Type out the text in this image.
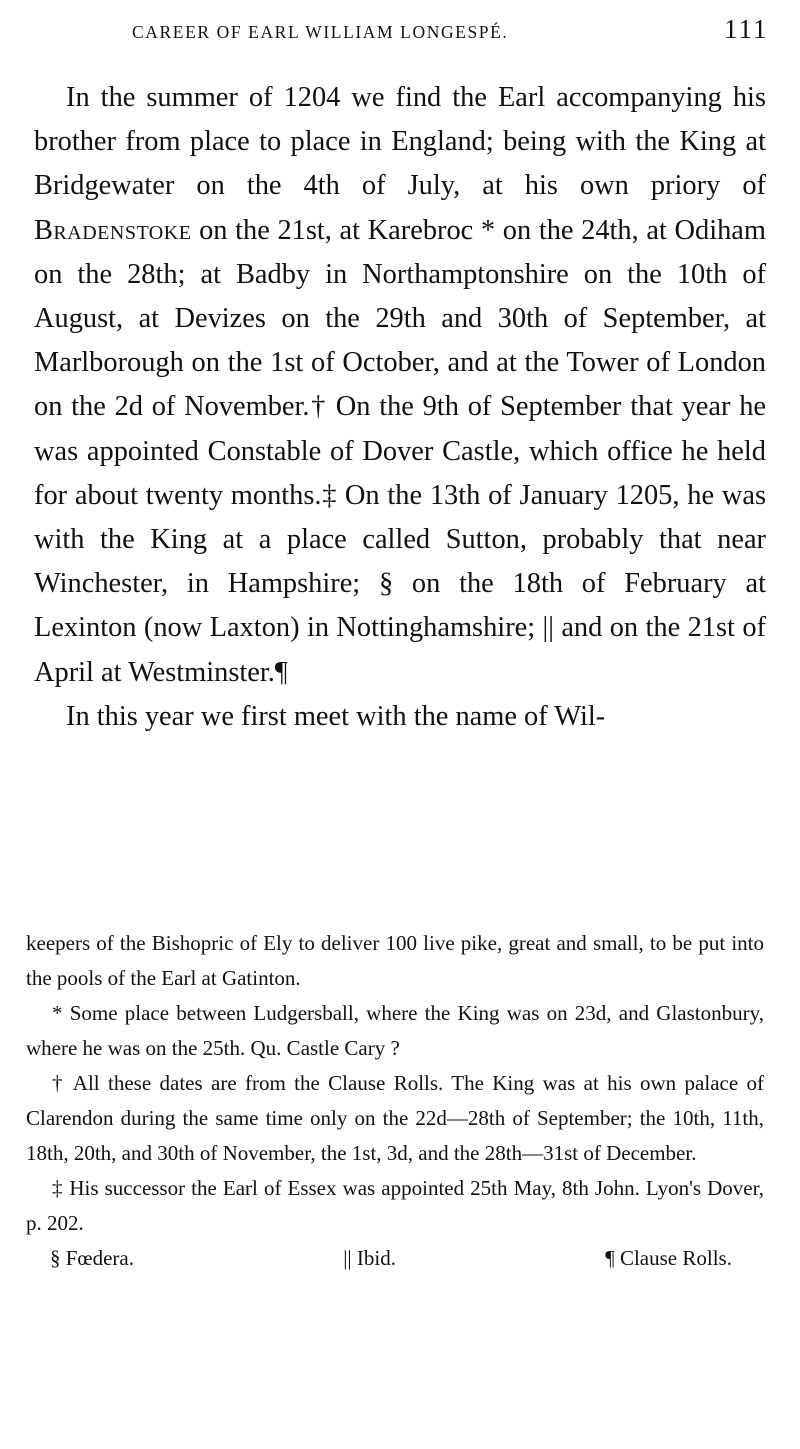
CAREER OF EARL WILLIAM LONGESPÉ.	111

In the summer of 1204 we find the Earl accompanying his brother from place to place in England; being with the King at Bridgewater on the 4th of July, at his own priory of Bradenstoke on the 21st, at Karebroc * on the 24th, at Odiham on the 28th; at Badby in Northamptonshire on the 10th of August, at Devizes on the 29th and 30th of September, at Marlborough on the 1st of October, and at the Tower of London on the 2d of November.† On the 9th of September that year he was appointed Constable of Dover Castle, which office he held for about twenty months.‡ On the 13th of January 1205, he was with the King at a place called Sutton, probably that near Winchester, in Hampshire; § on the 18th of February at Lexinton (now Laxton) in Nottinghamshire; || and on the 21st of April at Westminster.¶

In this year we first meet with the name of Wil-

keepers of the Bishopric of Ely to deliver 100 live pike, great and small, to be put into the pools of the Earl at Gatinton.

* Some place between Ludgersball, where the King was on 23d, and Glastonbury, where he was on the 25th. Qu. Castle Cary ?

† All these dates are from the Clause Rolls. The King was at his own palace of Clarendon during the same time only on the 22d—28th of September; the 10th, 11th, 18th, 20th, and 30th of November, the 1st, 3d, and the 28th—31st of December.

‡ His successor the Earl of Essex was appointed 25th May, 8th John. Lyon's Dover, p. 202.

§ Fœdera.	|| Ibid.	¶ Clause Rolls.
